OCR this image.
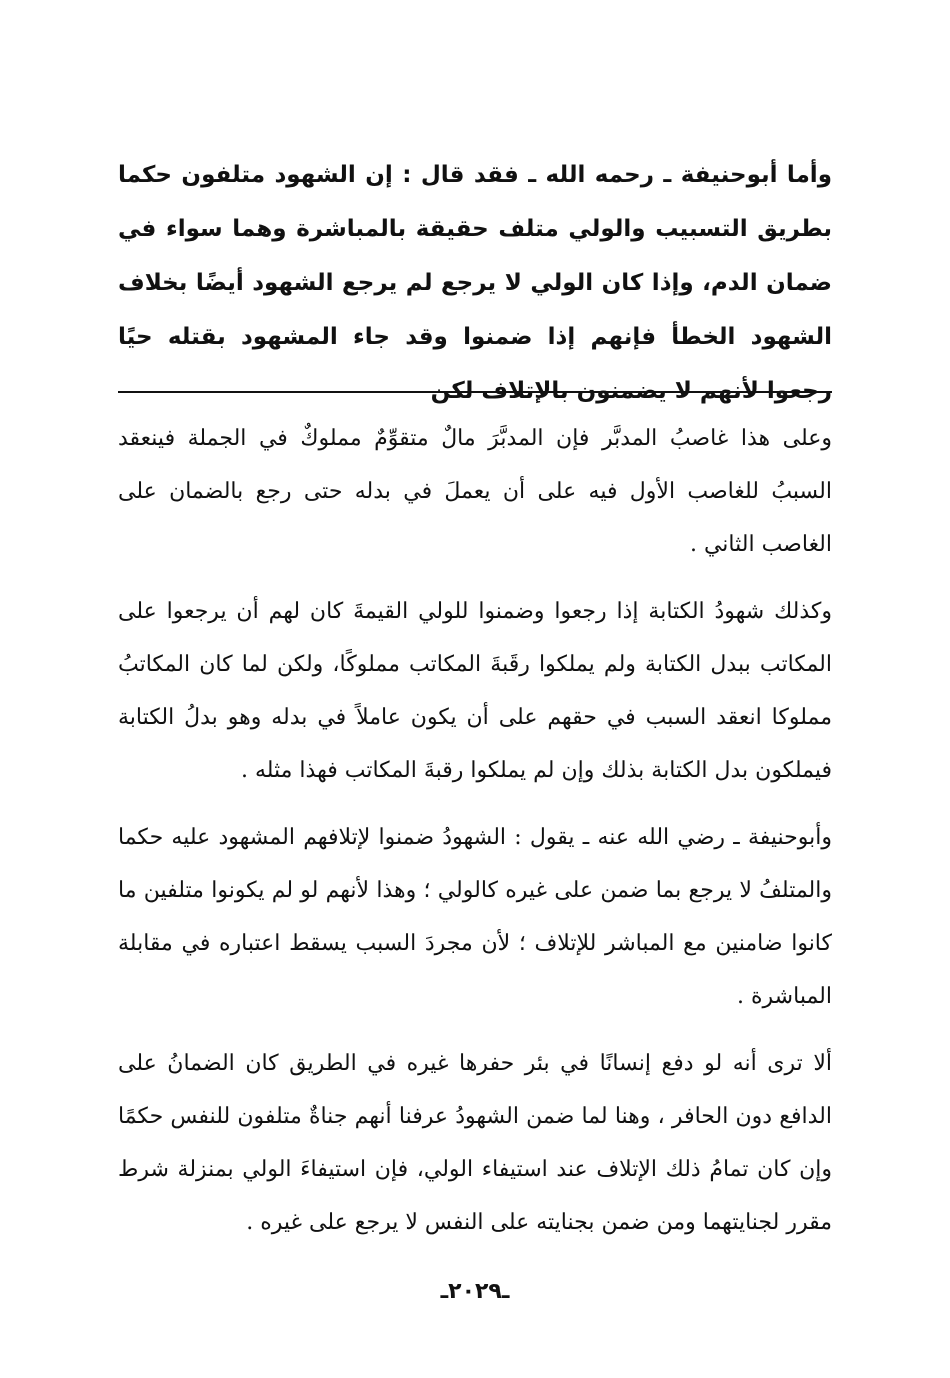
وأما أبوحنيفة ـ رحمه الله ـ فقد قال : إن الشهود متلفون حكما بطريق التسبيب والولي متلف حقيقة بالمباشرة وهما سواء في ضمان الدم، وإذا كان الولي لا يرجع لم يرجع الشهود أيضًا بخلاف الشهود الخطأ فإنهم إذا ضمنوا وقد جاء المشهود بقتله حيًا رجعوا لأنهم لا يضمنون بالإتلاف لكن

وعلى هذا غاصبُ المدبَّر فإن المدبَّرَ مالٌ متقوِّمٌ مملوكٌ في الجملة فينعقد السببُ للغاصب الأول فيه على أن يعملَ في بدله حتى رجع بالضمان على الغاصب الثاني .

وكذلك شهودُ الكتابة إذا رجعوا وضمنوا للولي القيمةَ كان لهم أن يرجعوا على المكاتب ببدل الكتابة ولم يملكوا رقَبةَ المكاتب مملوكًا، ولكن لما كان المكاتبُ مملوكا انعقد السبب في حقهم على أن يكون عاملاً في بدله وهو بدلُ الكتابة فيملكون بدل الكتابة بذلك وإن لم يملكوا رقبةَ المكاتب فهذا مثله .

وأبوحنيفة ـ رضي الله عنه ـ يقول : الشهودُ ضمنوا لإتلافهم المشهود عليه حكما والمتلفُ لا يرجع بما ضمن على غيره كالولي ؛ وهذا لأنهم لو لم يكونوا متلفين ما كانوا ضامنين مع المباشر للإتلاف ؛ لأن مجردَ السبب يسقط اعتباره في مقابلة المباشرة .

ألا ترى أنه لو دفع إنسانًا في بئر حفرها غيره في الطريق كان الضمانُ على الدافع دون الحافر ، وهنا لما ضمن الشهودُ عرفنا أنهم جناةٌ متلفون للنفس حكمًا وإن كان تمامُ ذلك الإتلاف عند استيفاء الولي، فإن استيفاءَ الولي بمنزلة شرط مقرر لجنايتهما ومن ضمن بجنايته على النفس لا يرجع على غيره .

ـ٢٠٢٩ـ
